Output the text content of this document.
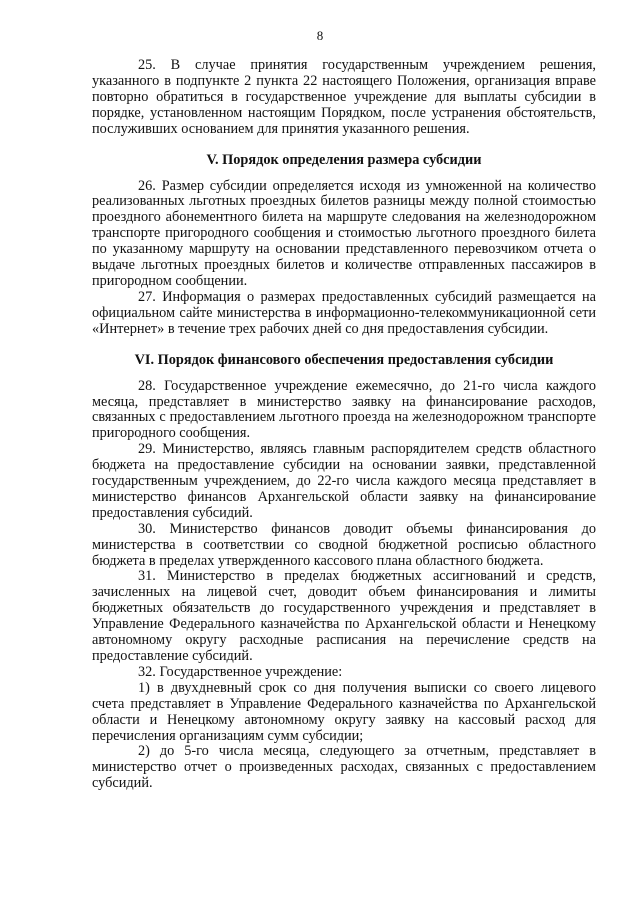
8

25. В случае принятия государственным учреждением решения, указанного в подпункте 2 пункта 22 настоящего Положения, организация вправе повторно обратиться в государственное учреждение для выплаты субсидии в порядке, установленном настоящим Порядком, после устранения обстоятельств, послуживших основанием для принятия указанного решения.

V. Порядок определения размера субсидии

26. Размер субсидии определяется исходя из умноженной на количество реализованных льготных проездных билетов разницы между полной стоимостью проездного абонементного билета на маршруте следования на железнодорожном транспорте пригородного сообщения и стоимостью льготного проездного билета по указанному маршруту на основании представленного перевозчиком отчета о выдаче льготных проездных билетов и количестве отправленных пассажиров в пригородном сообщении.

27. Информация о размерах предоставленных субсидий размещается на официальном сайте министерства в информационно-телекоммуникационной сети «Интернет» в течение трех рабочих дней со дня предоставления субсидии.

VI. Порядок финансового обеспечения предоставления субсидии

28. Государственное учреждение ежемесячно, до 21-го числа каждого месяца, представляет в министерство заявку на финансирование расходов, связанных с предоставлением льготного проезда на железнодорожном транспорте пригородного сообщения.

29. Министерство, являясь главным распорядителем средств областного бюджета на предоставление субсидии на основании заявки, представленной государственным учреждением, до 22-го числа каждого месяца представляет в министерство финансов Архангельской области заявку на финансирование предоставления субсидий.

30. Министерство финансов доводит объемы финансирования до министерства в соответствии со сводной бюджетной росписью областного бюджета в пределах утвержденного кассового плана областного бюджета.

31. Министерство в пределах бюджетных ассигнований и средств, зачисленных на лицевой счет, доводит объем финансирования и лимиты бюджетных обязательств до государственного учреждения и представляет в Управление Федерального казначейства по Архангельской области и Ненецкому автономному округу расходные расписания на перечисление средств на предоставление субсидий.

32. Государственное учреждение:

1) в двухдневный срок со дня получения выписки со своего лицевого счета представляет в Управление Федерального казначейства по Архангельской области и Ненецкому автономному округу заявку на кассовый расход для перечисления организациям сумм субсидии;

2) до 5-го числа месяца, следующего за отчетным, представляет в министерство отчет о произведенных расходах, связанных с предоставлением субсидий.
